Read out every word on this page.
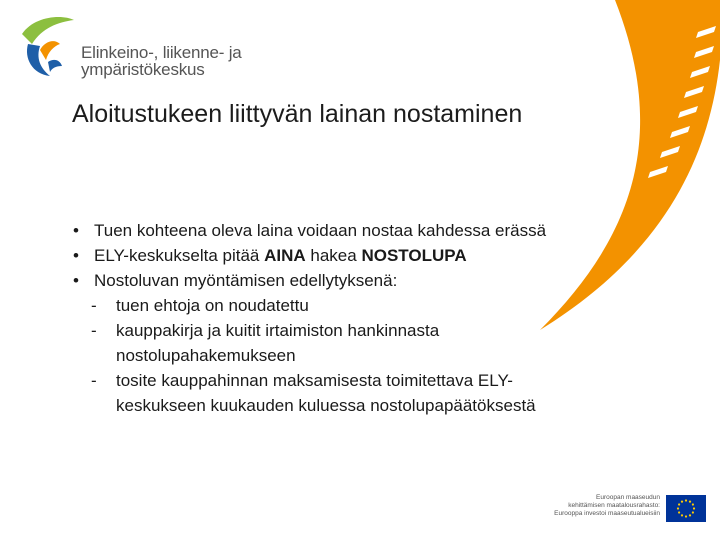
Elinkeino-, liikenne- ja
ympäristökeskus
Aloitustukeen liittyvän lainan nostaminen
• Tuen kohteena oleva laina voidaan nostaa kahdessa erässä
• ELY-keskukselta pitää AINA hakea NOSTOLUPA
• Nostoluvan myöntämisen edellytyksenä:
- tuen ehtoja on noudatettu
- kauppakirja ja kuitit irtaimiston hankinnasta
nostolupahakemukseen
- tosite kauppahinnan maksamisesta toimitettava ELY-
keskukseen kuukauden kuluessa nostolupapäätöksestä
Euroopan maaseudun
kehittämisen maatalousrahasto:
Eurooppa investoi maaseutualueisiin
